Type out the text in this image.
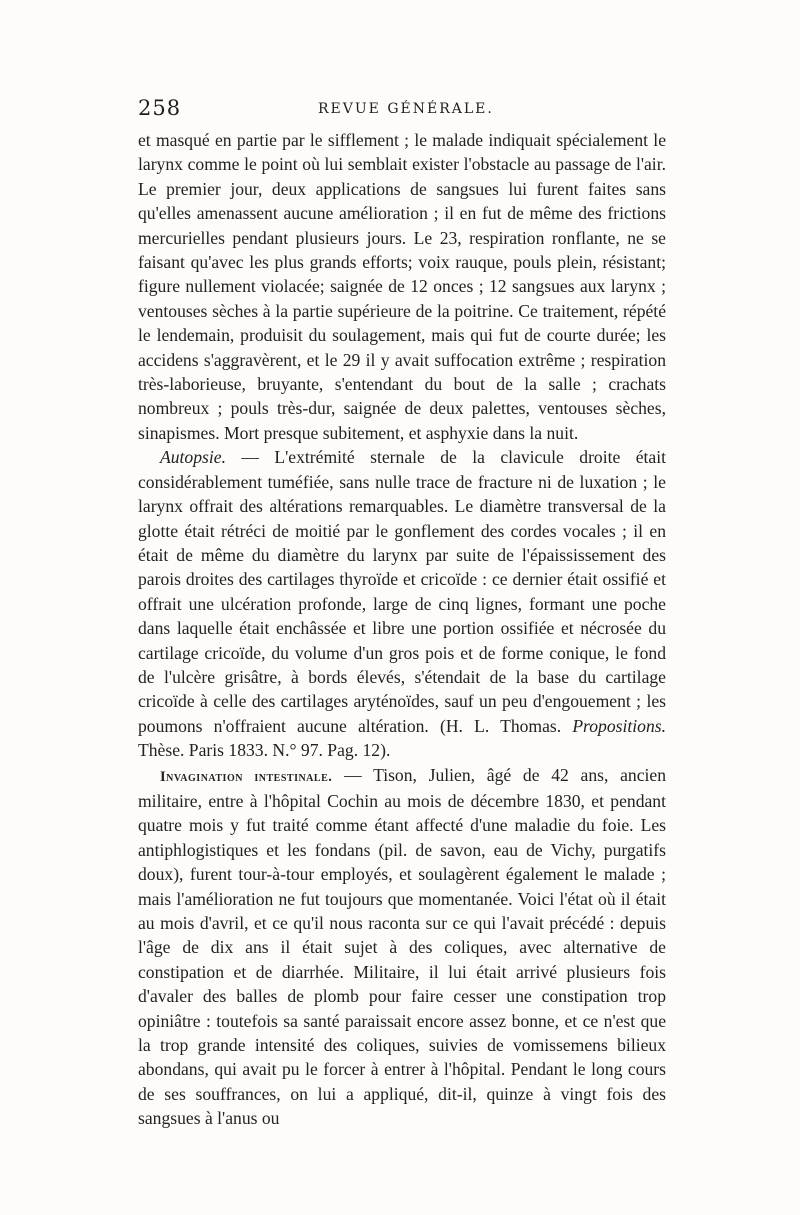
258	REVUE GÉNÉRALE.

et masqué en partie par le sifflement ; le malade indiquait spécialement le larynx comme le point où lui semblait exister l'obstacle au passage de l'air. Le premier jour, deux applications de sangsues lui furent faites sans qu'elles amenassent aucune amélioration ; il en fut de même des frictions mercurielles pendant plusieurs jours. Le 23, respiration ronflante, ne se faisant qu'avec les plus grands efforts; voix rauque, pouls plein, résistant; figure nullement violacée; saignée de 12 onces ; 12 sangsues aux larynx ; ventouses sèches à la partie supérieure de la poitrine. Ce traitement, répété le lendemain, produisit du soulagement, mais qui fut de courte durée; les accidens s'aggravèrent, et le 29 il y avait suffocation extrême ; respiration très-laborieuse, bruyante, s'entendant du bout de la salle ; crachats nombreux ; pouls très-dur, saignée de deux palettes, ventouses sèches, sinapismes. Mort presque subitement, et asphyxie dans la nuit.

Autopsie. — L'extrémité sternale de la clavicule droite était considérablement tuméfiée, sans nulle trace de fracture ni de luxation ; le larynx offrait des altérations remarquables. Le diamètre transversal de la glotte était rétréci de moitié par le gonflement des cordes vocales ; il en était de même du diamètre du larynx par suite de l'épaississement des parois droites des cartilages thyroïde et cricoïde : ce dernier était ossifié et offrait une ulcération profonde, large de cinq lignes, formant une poche dans laquelle était enchâssée et libre une portion ossifiée et nécrosée du cartilage cricoïde, du volume d'un gros pois et de forme conique, le fond de l'ulcère grisâtre, à bords élevés, s'étendait de la base du cartilage cricoïde à celle des cartilages aryténoïdes, sauf un peu d'engouement ; les poumons n'offraient aucune altération. (H. L. Thomas. Propositions. Thèse. Paris 1833. N.° 97. Pag. 12).

Invagination intestinale. — Tison, Julien, âgé de 42 ans, ancien militaire, entre à l'hôpital Cochin au mois de décembre 1830, et pendant quatre mois y fut traité comme étant affecté d'une maladie du foie. Les antiphlogistiques et les fondans (pil. de savon, eau de Vichy, purgatifs doux), furent tour-à-tour employés, et soulagèrent également le malade ; mais l'amélioration ne fut toujours que momentanée. Voici l'état où il était au mois d'avril, et ce qu'il nous raconta sur ce qui l'avait précédé : depuis l'âge de dix ans il était sujet à des coliques, avec alternative de constipation et de diarrhée. Militaire, il lui était arrivé plusieurs fois d'avaler des balles de plomb pour faire cesser une constipation trop opiniâtre : toutefois sa santé paraissait encore assez bonne, et ce n'est que la trop grande intensité des coliques, suivies de vomissemens bilieux abondans, qui avait pu le forcer à entrer à l'hôpital. Pendant le long cours de ses souffrances, on lui a appliqué, dit-il, quinze à vingt fois des sangsues à l'anus ou
